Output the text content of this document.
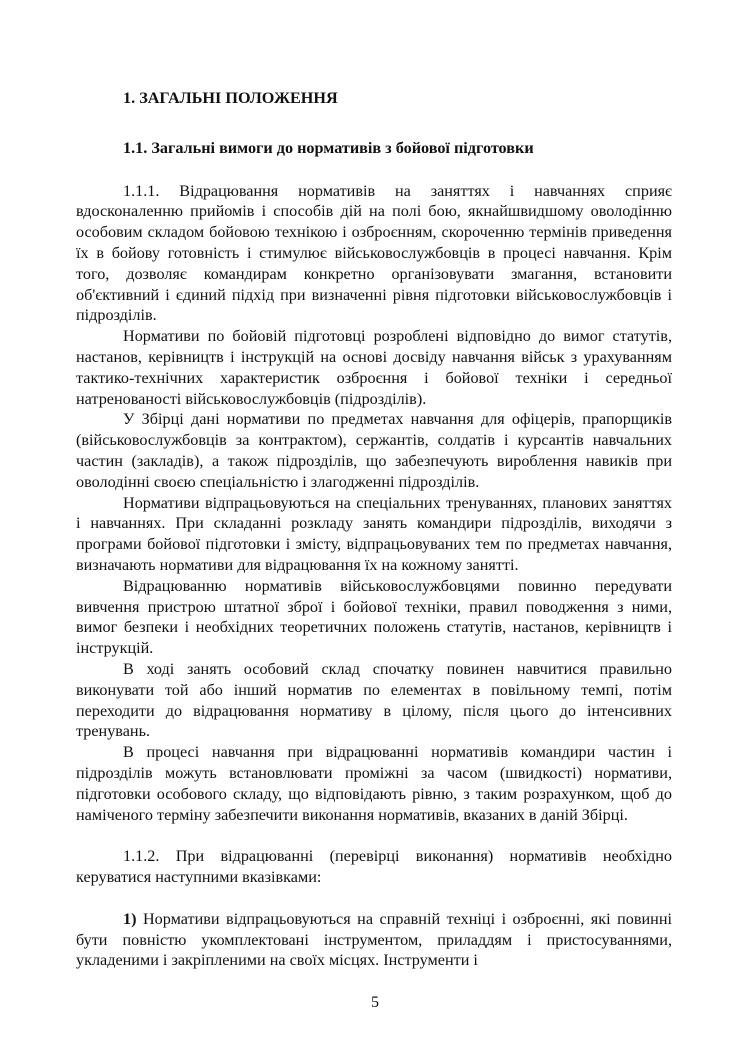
1. ЗАГАЛЬНІ ПОЛОЖЕННЯ
1.1. Загальні вимоги до нормативів з бойової підготовки

1.1.1. Відрацювання нормативів на заняттях і навчаннях сприяє вдосконаленню прийомів і способів дій на полі бою, якнайшвидшому оволодінню особовим складом бойовою технікою і озброєнням, скороченню термінів приведення їх в бойову готовність і стимулює військовослужбовців в процесі навчання. Крім того, дозволяє командирам конкретно організовувати змагання, встановити об'єктивний і єдиний підхід при визначенні рівня підготовки військовослужбовців і підрозділів.

Нормативи по бойовій підготовці розроблені відповідно до вимог статутів, настанов, керівництв і інструкцій на основі досвіду навчання військ з урахуванням тактико-технічних характеристик озброєння і бойової техніки і середньої натренованості військовослужбовців (підрозділів).

У Збірці дані нормативи по предметах навчання для офіцерів, прапорщиків (військовослужбовців за контрактом), сержантів, солдатів і курсантів навчальних частин (закладів), а також підрозділів, що забезпечують вироблення навиків при оволодінні своєю спеціальністю і злагодженні підрозділів.

Нормативи відпрацьовуються на спеціальних тренуваннях, планових заняттях і навчаннях. При складанні розкладу занять командири підрозділів, виходячи з програми бойової підготовки і змісту, відпрацьовуваних тем по предметах навчання, визначають нормативи для відрацювання їх на кожному занятті.

Відрацюванню нормативів військовослужбовцями повинно передувати вивчення пристрою штатної зброї і бойової техніки, правил поводження з ними, вимог безпеки і необхідних теоретичних положень статутів, настанов, керівництв і інструкцій.

В ході занять особовий склад спочатку повинен навчитися правильно виконувати той або інший норматив по елементах в повільному темпі, потім переходити до відрацювання нормативу в цілому, після цього до інтенсивних тренувань.

В процесі навчання при відрацюванні нормативів командири частин і підрозділів можуть встановлювати проміжні за часом (швидкості) нормативи, підготовки особового складу, що відповідають рівню, з таким розрахунком, щоб до наміченого терміну забезпечити виконання нормативів, вказаних в даній Збірці.

1.1.2. При відрацюванні (перевірці виконання) нормативів необхідно керуватися наступними вказівками:

1) Нормативи відпрацьовуються на справній техніці і озброєнні, які повинні бути повністю укомплектовані інструментом, приладдям і пристосуваннями, укладеними і закріпленими на своїх місцях. Інструменти і

5
